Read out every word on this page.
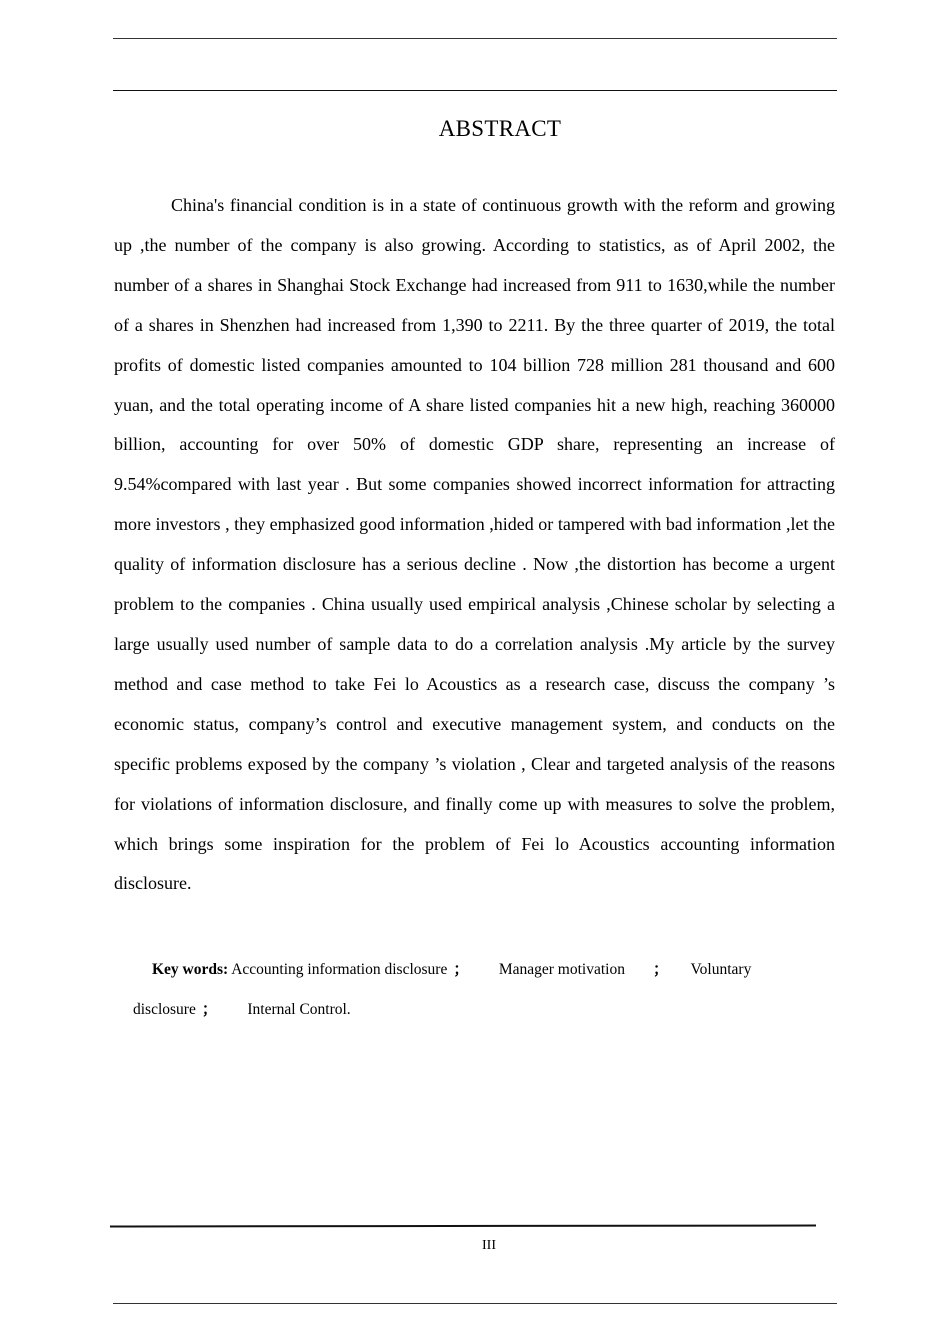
ABSTRACT

China's financial condition is in a state of continuous growth with the reform and growing up ,the number of the company is also growing. According to statistics, as of April 2002, the number of a shares in Shanghai Stock Exchange had increased from 911 to 1630,while the number of a shares in Shenzhen had increased from 1,390 to 2211. By the three quarter of 2019, the total profits of domestic listed companies amounted to 104 billion 728 million 281 thousand and 600 yuan, and the total operating income of A share listed companies hit a new high, reaching 360000 billion, accounting for over 50% of domestic GDP share, representing an increase of 9.54%compared with last year . But some companies showed incorrect information for attracting more investors , they emphasized good information ,hided or tampered with bad information ,let the quality of information disclosure has a serious decline . Now ,the distortion has become a urgent problem to the companies . China usually used empirical analysis ,Chinese scholar by selecting a large usually used number of sample data to do a correlation analysis .My article by the survey method and case method to take Fei lo Acoustics as a research case, discuss the company ’s economic status, company’s control and executive management system, and conducts on the specific problems exposed by the company ’s violation , Clear and targeted analysis of the reasons for violations of information disclosure, and finally come up with measures to solve the problem, which brings some inspiration for the problem of Fei lo Acoustics accounting information disclosure.

Key words: Accounting information disclosure ； Manager motivation ； Voluntary disclosure ； Internal Control.

III
